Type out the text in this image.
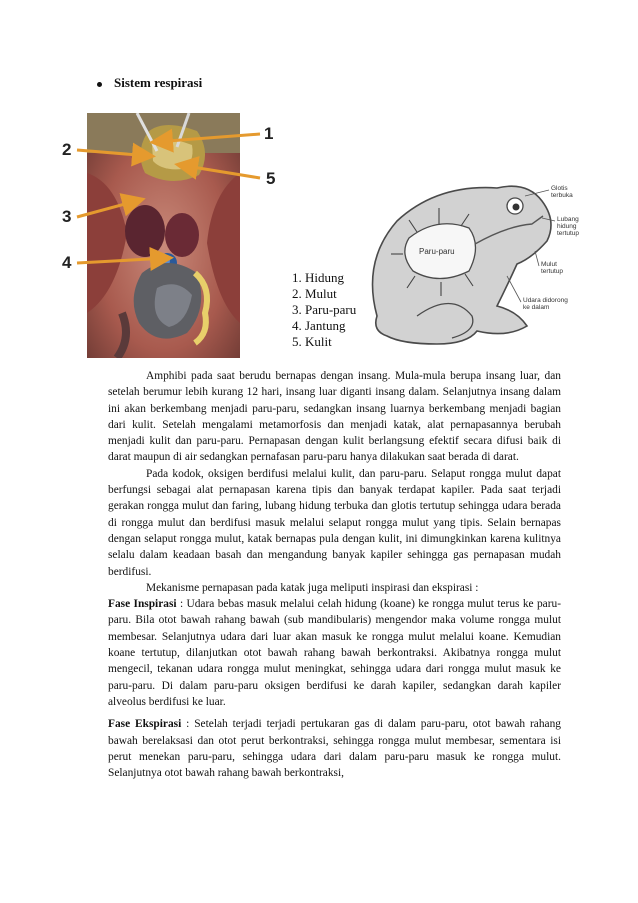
Sistem respirasi
1
2
3
4
5
1. Hidung
2. Mulut
3. Paru-paru
4. Jantung
5. Kulit
Paru-paru
Glotis terbuka
Lubang hidung tertutup
Mulut tertutup
Udara didorong ke dalam

Amphibi pada saat berudu bernapas dengan insang. Mula-mula berupa insang luar, dan setelah berumur lebih kurang 12 hari, insang luar diganti insang dalam. Selanjutnya insang dalam ini akan berkembang menjadi paru-paru, sedangkan insang luarnya berkembang menjadi bagian dari kulit. Setelah mengalami metamorfosis dan menjadi katak, alat pernapasannya berubah menjadi kulit dan paru-paru. Pernapasan dengan kulit berlangsung efektif secara difusi baik di darat maupun di air sedangkan pernafasan paru-paru hanya dilakukan saat berada di darat.

Pada kodok, oksigen berdifusi melalui kulit, dan paru-paru. Selaput rongga mulut dapat berfungsi sebagai alat pernapasan karena tipis dan banyak terdapat kapiler. Pada saat terjadi gerakan rongga mulut dan faring, lubang hidung terbuka dan glotis tertutup sehingga udara berada di rongga mulut dan berdifusi masuk melalui selaput rongga mulut yang tipis. Selain bernapas dengan selaput rongga mulut, katak bernapas pula dengan kulit, ini dimungkinkan karena kulitnya selalu dalam keadaan basah dan mengandung banyak kapiler sehingga gas pernapasan mudah berdifusi.

Mekanisme pernapasan pada katak juga meliputi inspirasi dan ekspirasi :

Fase Inspirasi : Udara bebas masuk melalui celah hidung (koane) ke rongga mulut terus ke paru-paru. Bila otot bawah rahang bawah (sub mandibularis) mengendor maka volume rongga mulut membesar. Selanjutnya udara dari luar akan masuk ke rongga mulut melalui koane. Kemudian koane tertutup, dilanjutkan otot bawah rahang bawah berkontraksi. Akibatnya rongga mulut mengecil, tekanan udara rongga mulut meningkat, sehingga udara dari rongga mulut masuk ke paru-paru. Di dalam paru-paru oksigen berdifusi ke darah kapiler, sedangkan darah kapiler alveolus berdifusi ke luar.

Fase Ekspirasi : Setelah terjadi terjadi pertukaran gas di dalam paru-paru, otot bawah rahang bawah berelaksasi dan otot perut berkontraksi, sehingga rongga mulut membesar, sementara isi perut menekan paru-paru, sehingga udara dari dalam paru-paru masuk ke rongga mulut. Selanjutnya otot bawah rahang bawah berkontraksi,
